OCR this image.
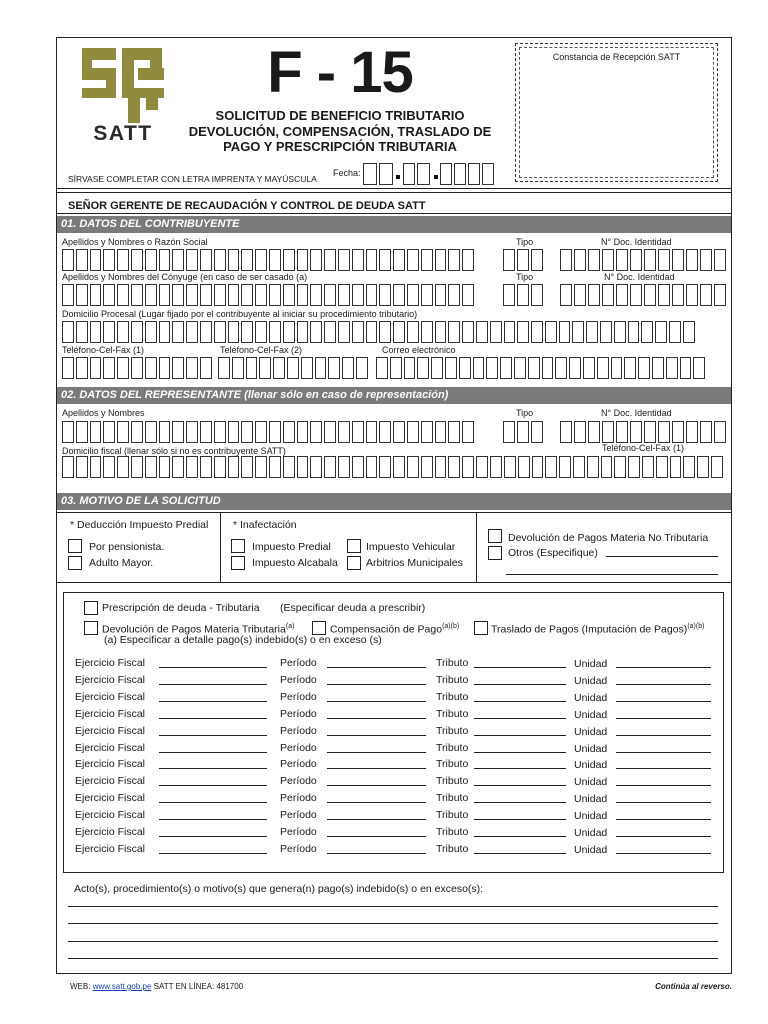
SATT
F - 15
SOLICITUD DE BENEFICIO TRIBUTARIO
DEVOLUCIÓN, COMPENSACIÓN, TRASLADO DE
PAGO Y PRESCRIPCIÓN TRIBUTARIA
SÍRVASE COMPLETAR CON LETRA IMPRENTA Y MAYÚSCULA
Fecha:
Constancia de Recepción SATT
SEÑOR GERENTE DE RECAUDACIÓN Y CONTROL DE DEUDA SATT
01. DATOS DEL CONTRIBUYENTE
Apellidos y Nombres o Razón Social	Tipo	N° Doc. Identidad
Apellidos y Nombres del Cónyuge (en caso de ser casado (a)	Tipo	N° Doc. Identidad
Domicilio Procesal (Lugar fijado por el contribuyente al iniciar su procedimiento tributario)
Teléfono-Cel-Fax (1)	Teléfono-Cel-Fax (2)	Correo electrónico
02. DATOS DEL REPRESENTANTE (llenar sólo en caso de representación)
Apellidos y Nombres	Tipo	N° Doc. Identidad
Domicilio fiscal (llenar sólo si no es contribuyente SATT)	Teléfono-Cel-Fax (1)
03. MOTIVO DE LA SOLICITUD
* Deducción Impuesto Predial
Por pensionista.
Adulto Mayor.
* Inafectación
Impuesto Predial	Impuesto Vehicular
Impuesto Alcabala	Arbitrios Municipales
Devolución de Pagos Materia No Tributaria
Otros (Especifique)
Prescripción de deuda - Tributaria (Especificar deuda a prescribir)
Devolución de Pagos Materia Tributaria$^{(a)}$	Compensación de Pago$^{(a)(b)}$	Traslado de Pagos (Imputación de Pagos)$^{(a)(b)}$
(a) Especificar a detalle pago(s) indebido(s) o en exceso (s)
Ejercicio Fiscal	Período	Tributo	Unidad
Ejercicio Fiscal	Período	Tributo	Unidad
Ejercicio Fiscal	Período	Tributo	Unidad
Ejercicio Fiscal	Período	Tributo	Unidad
Ejercicio Fiscal	Período	Tributo	Unidad
Ejercicio Fiscal	Período	Tributo	Unidad
Ejercicio Fiscal	Período	Tributo	Unidad
Ejercicio Fiscal	Período	Tributo	Unidad
Ejercicio Fiscal	Período	Tributo	Unidad
Ejercicio Fiscal	Período	Tributo	Unidad
Ejercicio Fiscal	Período	Tributo	Unidad
Ejercicio Fiscal	Período	Tributo	Unidad
Acto(s), procedimiento(s) o motivo(s) que genera(n) pago(s) indebido(s) o en exceso(s):
WEB: www.satt.gob.pe SATT EN LÍNEA: 481700	Continúa al reverso.
